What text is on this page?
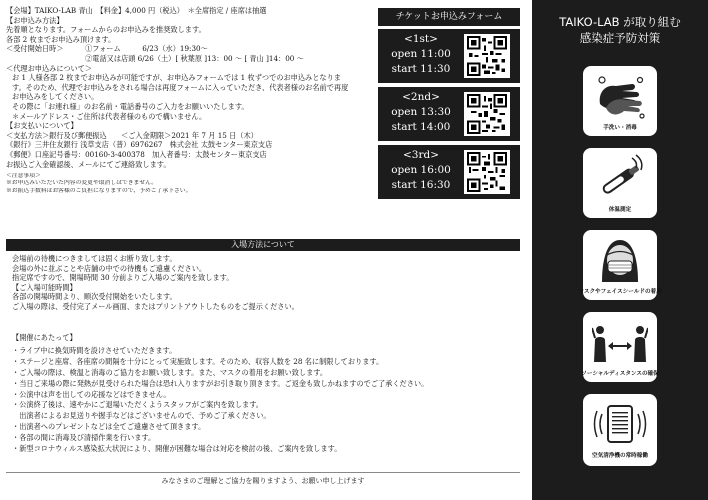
【会場】TAIKO-LAB 青山　【料金】4,000 円（税込）　＊全席指定 / 座席は抽選
【お申込み方法】
先着順となります。フォームからのお申込みを推奨致します。
各部 2 枚までお申込み頂けます。
＜受付開始日時＞　　　①フォーム　　　6/23（水）19:30～
　　　　　　　　　　　②電話又は店頭 6/26（土）[ 秋葉原 ]13：00 ～ [ 青山 ]14：00 ～
＜代理お申込みについて＞
お 1 人様各部 2 枚までお申込みが可能ですが、お申込みフォームでは 1 枚ずつでのお申込みとなりま
す。そのため、代理でお申込みをされる場合は再度フォームに入っていただき、代表者様のお名前で再度
お申込みをしてください。
その際に「お連れ様」のお名前・電話番号のご入力をお願いいたします。
＊メールアドレス・ご住所は代表者様のもので構いません。
【お支払いについて】
＜支払方法＞銀行及び郵便振込　　＜ご入金期限＞2021 年 7 月 15 日（木）
《銀行》三井住友銀行 浅草支店（普）6976267　株式会社 太鼓センター東京支店
《郵便》口座記号番号：00160-3-400378　加入者番号：太鼓センター東京支店
お振込ご入金確認後、メールにてご連絡致します。
＜注意事項＞
※お申込みいただいた内容の変更や取消しはできません。
※お振込手数料はお客様のご負担になりますので、予めご了承下さい。
チケットお申込みフォーム
<1st>
open 11:00
start 11:30
<2nd>
open 13:30
start 14:00
<3rd>
open 16:00
start 16:30
入場方法について
会場前の待機につきましては固くお断り致します。
会場の外に並ぶことや店舗の中での待機もご遠慮ください。
指定席ですので、開場時間 30 分前よりご入場のご案内を致します。
【ご入場可能時間】
各部の開場時間より、順次受付開始をいたします。
ご入場の際は、受付完了メール画面、またはプリントアウトしたものをご提示ください。
【開催にあたって】
・ライブ中に換気時間を設けさせていただきます。
・ステージと座席、各座席の間隔を十分にとって実施致します。そのため、収容人数を 28 名に制限しております。
・ご入場の際は、検温と消毒のご協力をお願い致します。また、マスクの着用をお願い致します。
・当日ご来場の際に発熱が見受けられた場合は恐れ入りますがお引き取り頂きます。ご返金も致しかねますのでご了承ください。
・公演中は声を出しての応援などはできません。
・公演終了後は、速やかにご退場いただくようスタッフがご案内を致します。
　出演者によるお見送りや握手などはございませんので、予めご了承ください。
・出演者へのプレゼントなどは全てご遠慮させて頂きます。
・各部の間に消毒及び清掃作業を行います。
・新型コロナウィルス感染拡大状況により、開催が困難な場合は対応を検討の後、ご案内を致します。
みなさまのご理解とご協力を賜りますよう、お願い申し上げます
TAIKO-LAB が取り組む
感染症予防対策
手洗い・消毒
体温測定
マスクやフェイスシールドの着用
ソーシャルディスタンスの確保
空気清浄機の常時稼働
